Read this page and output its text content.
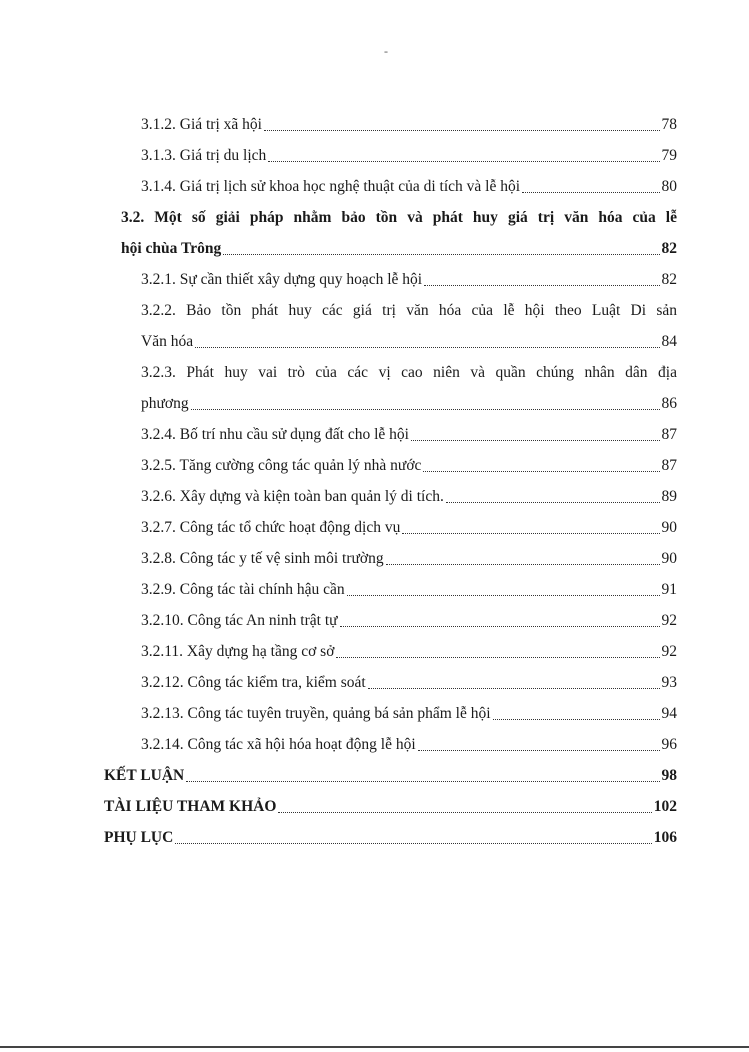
-
3.1.2. Giá trị xã hội	78
3.1.3. Giá trị du lịch	79
3.1.4. Giá trị lịch sử khoa học nghệ thuật của di tích và lễ hội	80
3.2. Một số giải pháp nhằm bảo tồn và phát huy giá trị văn hóa của lễ
hội chùa Trông	82
3.2.1. Sự cần thiết xây dựng quy hoạch lễ hội	82
3.2.2. Bảo tồn phát huy các giá trị văn hóa của lễ hội theo Luật Di sản
Văn hóa	84
3.2.3. Phát huy vai trò của các vị cao niên và quần chúng nhân dân địa
phương	86
3.2.4. Bố trí nhu cầu sử dụng đất cho lễ hội	87
3.2.5. Tăng cường công tác quản lý nhà nước	87
3.2.6. Xây dựng và kiện toàn ban quản lý di tích.	89
3.2.7. Công tác tổ chức hoạt động dịch vụ	90
3.2.8. Công tác y tế vệ sinh môi trường	90
3.2.9. Công tác tài chính hậu cần	91
3.2.10. Công tác An ninh trật tự	92
3.2.11. Xây dựng hạ tầng cơ sở	92
3.2.12. Công tác kiểm tra, kiểm soát	93
3.2.13. Công tác tuyên truyền, quảng bá sản phẩm lễ hội	94
3.2.14. Công tác xã hội hóa hoạt động lễ hội	96
KẾT LUẬN	98
TÀI LIỆU THAM KHẢO	102
PHỤ LỤC	106
